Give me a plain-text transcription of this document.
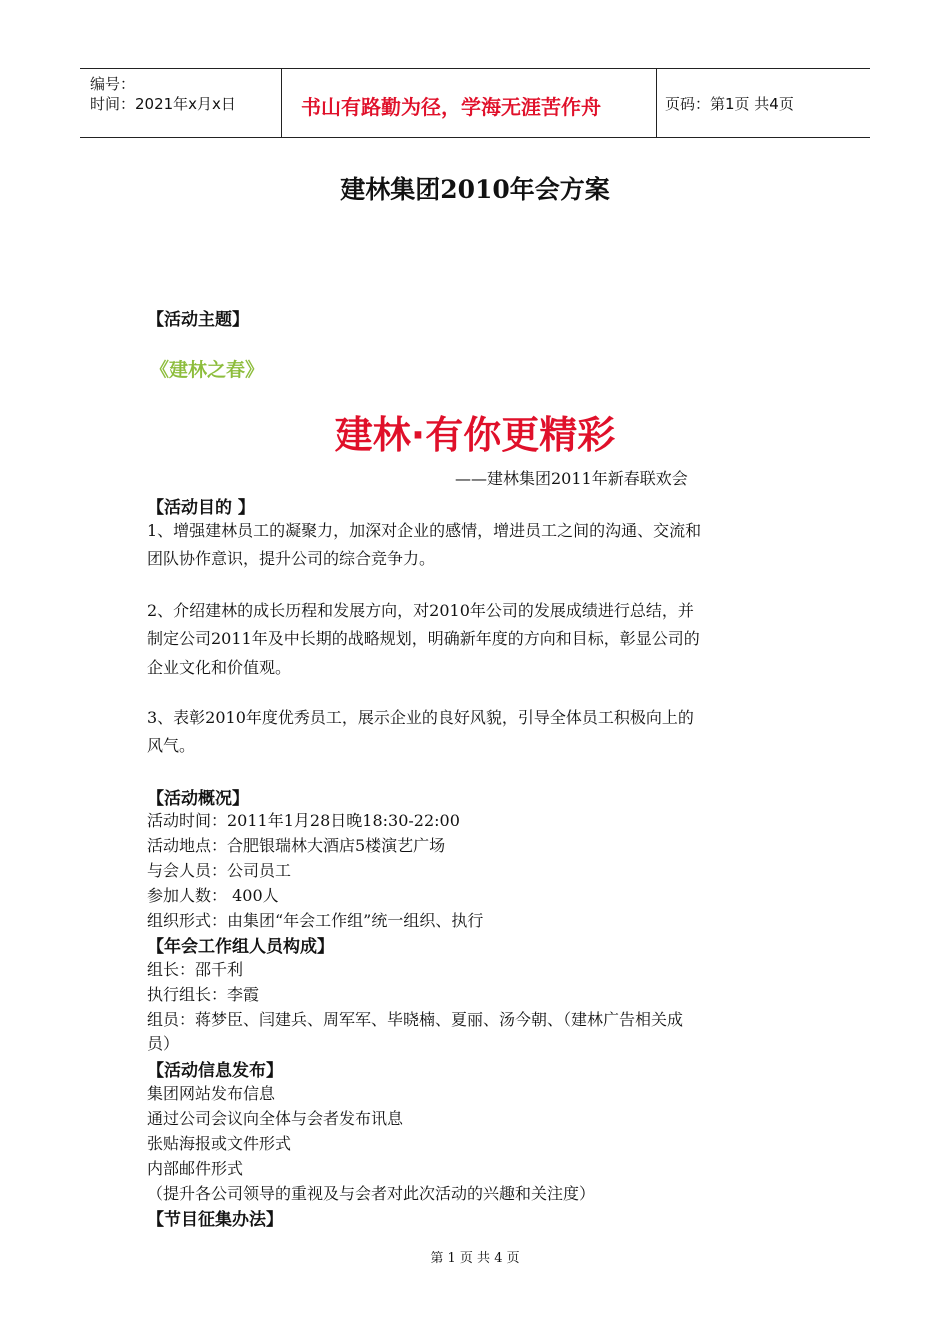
编号：
时间：2021年x月x日	书山有路勤为径，学海无涯苦作舟	页码：第1页 共4页
建林集团2010年会方案
【活动主题】
《建林之春》
建林·有你更精彩
——建林集团2011年新春联欢会
【活动目的 】
1、增强建林员工的凝聚力，加深对企业的感情，增进员工之间的沟通、交流和
团队协作意识，提升公司的综合竞争力。
2、介绍建林的成长历程和发展方向，对2010年公司的发展成绩进行总结，并
制定公司2011年及中长期的战略规划，明确新年度的方向和目标，彰显公司的
企业文化和价值观。
3、表彰2010年度优秀员工，展示企业的良好风貌，引导全体员工积极向上的
风气。
【活动概况】
活动时间：2011年1月28日晚18:30-22:00
活动地点：合肥银瑞林大酒店5楼演艺广场
与会人员：公司员工
参加人数： 400人
组织形式：由集团“年会工作组”统一组织、执行
【年会工作组人员构成】
组长：邵千利
执行组长：李霞
组员：蒋梦臣、闫建兵、周军军、毕晓楠、夏丽、汤今朝、（建林广告相关成
员）
【活动信息发布】
集团网站发布信息
通过公司会议向全体与会者发布讯息
张贴海报或文件形式
内部邮件形式
（提升各公司领导的重视及与会者对此次活动的兴趣和关注度）
【节目征集办法】
第 1 页 共 4 页
